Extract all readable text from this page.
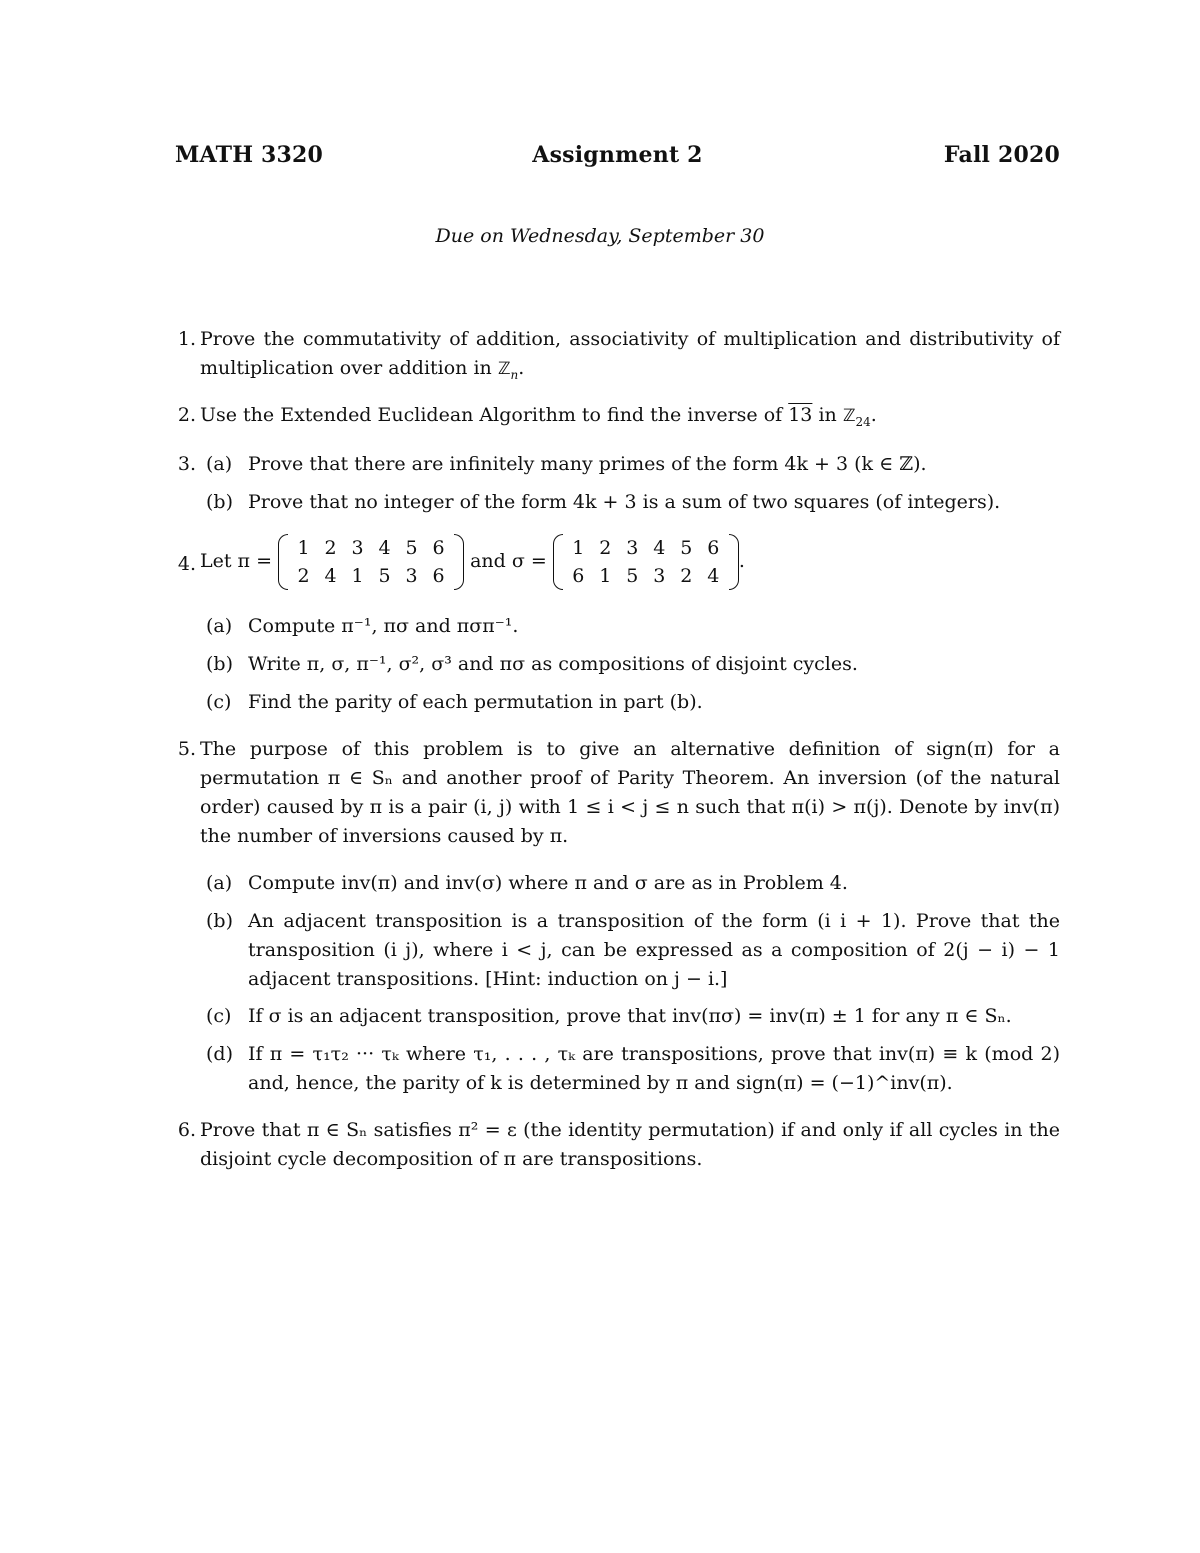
MATH 3320	Assignment 2	Fall 2020
Due on Wednesday, September 30
1. Prove the commutativity of addition, associativity of multiplication and distributivity of multiplication over addition in ℤ$_n$.
2. Use the Extended Euclidean Algorithm to find the inverse of 13 in ℤ$_{24}$.
3. (a) Prove that there are infinitely many primes of the form 4k + 3 (k ∈ ℤ).
(b) Prove that no integer of the form 4k + 3 is a sum of two squares (of integers).
4. Let π =
1 2 3 4 5 6
2 4 1 5 3 6
and σ =
1 2 3 4 5 6
6 1 5 3 2 4
.
(a) Compute π⁻¹, πσ and πσπ⁻¹.
(b) Write π, σ, π⁻¹, σ², σ³ and πσ as compositions of disjoint cycles.
(c) Find the parity of each permutation in part (b).
5. The purpose of this problem is to give an alternative definition of sign(π) for a permutation π ∈ Sₙ and another proof of Parity Theorem. An inversion (of the natural order) caused by π is a pair (i, j) with 1 ≤ i < j ≤ n such that π(i) > π(j). Denote by inv(π) the number of inversions caused by π.
(a) Compute inv(π) and inv(σ) where π and σ are as in Problem 4.
(b) An adjacent transposition is a transposition of the form (i i + 1). Prove that the transposition (i j), where i < j, can be expressed as a composition of 2(j − i) − 1 adjacent transpositions. [Hint: induction on j − i.]
(c) If σ is an adjacent transposition, prove that inv(πσ) = inv(π) ± 1 for any π ∈ Sₙ.
(d) If π = τ₁τ₂ ··· τₖ where τ₁, . . . , τₖ are transpositions, prove that inv(π) ≡ k (mod 2) and, hence, the parity of k is determined by π and sign(π) = (−1)^inv(π).
6. Prove that π ∈ Sₙ satisfies π² = ε (the identity permutation) if and only if all cycles in the disjoint cycle decomposition of π are transpositions.
